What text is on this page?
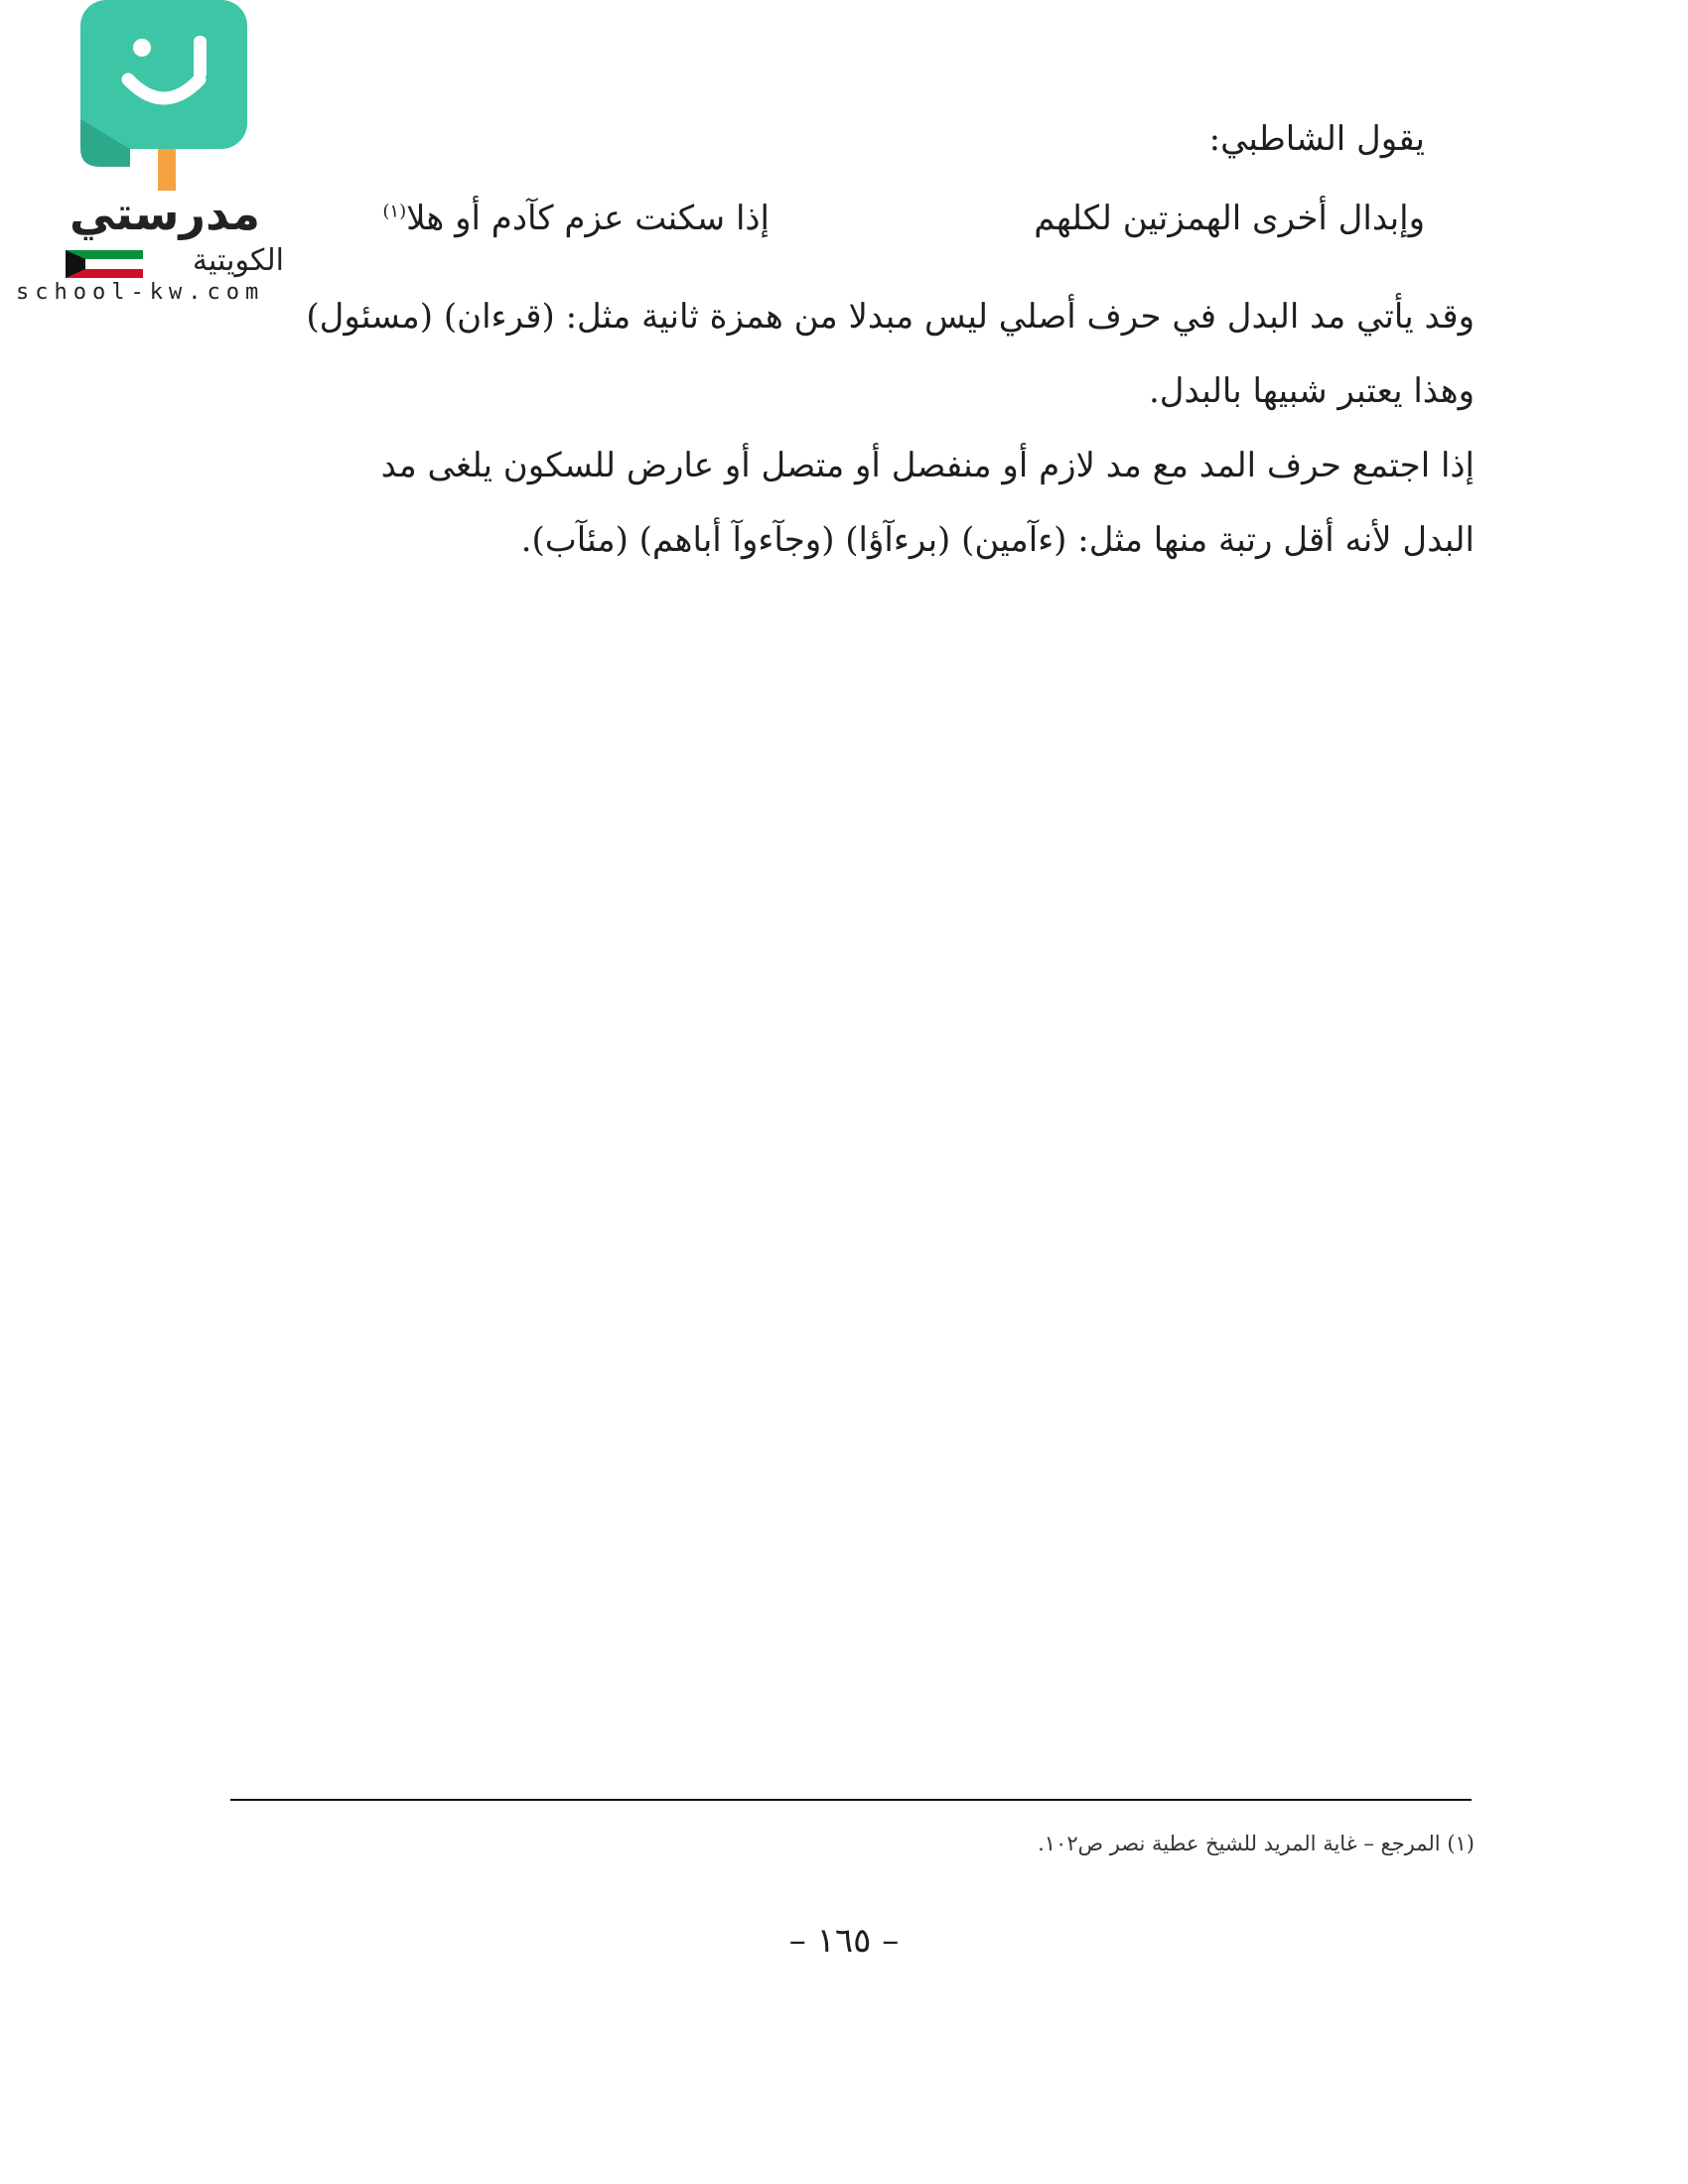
مدرستي
الكويتية
school-kw.com
يقول الشاطبي:
وإبدال أخرى الهمزتين لكلهمإذا سكنت عزم كآدم أو هلا$^{(١)}$
وقد يأتي مد البدل في حرف أصلي ليس مبدلا من همزة ثانية مثل: (قرءان) (مسئول)
وهذا يعتبر شبيها بالبدل.
إذا اجتمع حرف المد مع مد لازم أو منفصل أو متصل أو عارض للسكون يلغى مد
البدل لأنه أقل رتبة منها مثل: (ءآمين) (برءآؤا) (وجآءوآ أباهم) (مئآب).
(١) المرجع – غاية المريد للشيخ عطية نصر ص١٠٢.
– ١٦٥ –
